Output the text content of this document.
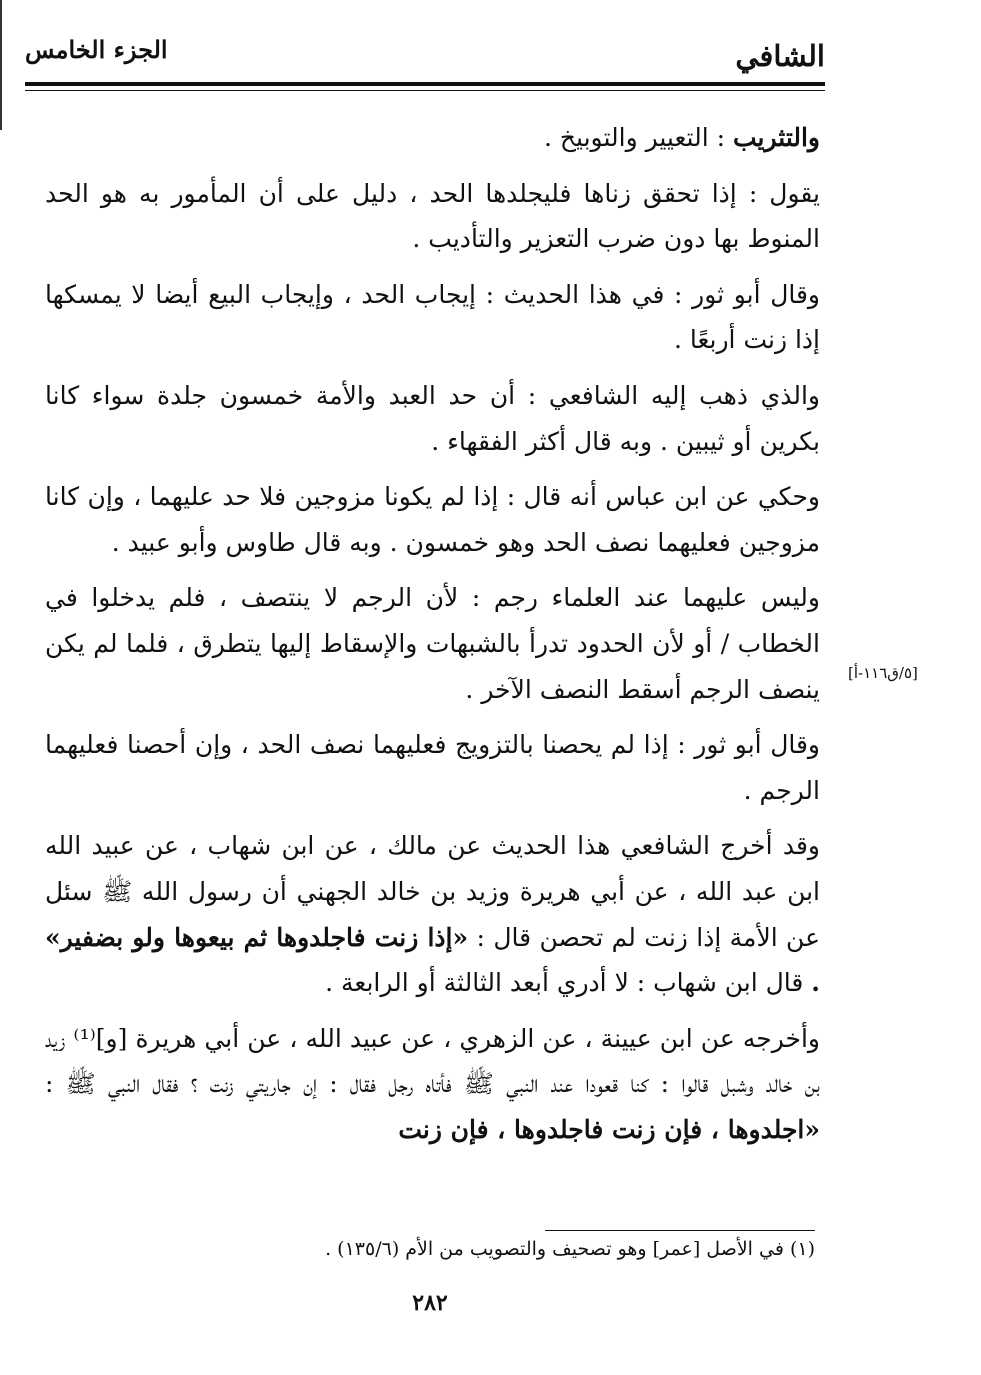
الجزء الخامس	الشافي

والتثريب : التعيير والتوبيخ .

يقول : إذا تحقق زناها فليجلدها الحد ، دليل على أن المأمور به هو الحد المنوط بها دون ضرب التعزير والتأديب .

وقال أبو ثور : في هذا الحديث : إيجاب الحد ، وإيجاب البيع أيضا لا يمسكها إذا زنت أربعًا .

والذي ذهب إليه الشافعي : أن حد العبد والأمة خمسون جلدة سواء كانا بكرين أو ثيبين . وبه قال أكثر الفقهاء .

وحكي عن ابن عباس أنه قال : إذا لم يكونا مزوجين فلا حد عليهما ، وإن كانا مزوجين فعليهما نصف الحد وهو خمسون . وبه قال طاوس وأبو عبيد .

وليس عليهما عند العلماء رجم : لأن الرجم لا ينتصف ، فلم يدخلوا في الخطاب / أو لأن الحدود تدرأ بالشبهات والإسقاط إليها يتطرق ، فلما لم يكن ينصف الرجم أسقط النصف الآخر .

وقال أبو ثور : إذا لم يحصنا بالتزويج فعليهما نصف الحد ، وإن أحصنا فعليهما الرجم .

وقد أخرج الشافعي هذا الحديث عن مالك ، عن ابن شهاب ، عن عبيد الله ابن عبد الله ، عن أبي هريرة وزيد بن خالد الجهني أن رسول الله ﷺ سئل عن الأمة إذا زنت لم تحصن قال : «إذا زنت فاجلدوها ثم بيعوها ولو بضفير» . قال ابن شهاب : لا أدري أبعد الثالثة أو الرابعة .

وأخرجه عن ابن عيينة ، عن الزهري ، عن عبيد الله ، عن أبي هريرة [و]⁽¹⁾ زيد بن خالد وشبل قالوا : كنا قعودا عند النبي ﷺ فأتاه رجل فقال : إن جاريتي زنت ؟ فقال النبي ﷺ : «اجلدوها ، فإن زنت فاجلدوها ، فإن زنت

[٥/ق١١٦-أ]
(١) في الأصل [عمر] وهو تصحيف والتصويب من الأم (١٣٥/٦) .
٢٨٢
